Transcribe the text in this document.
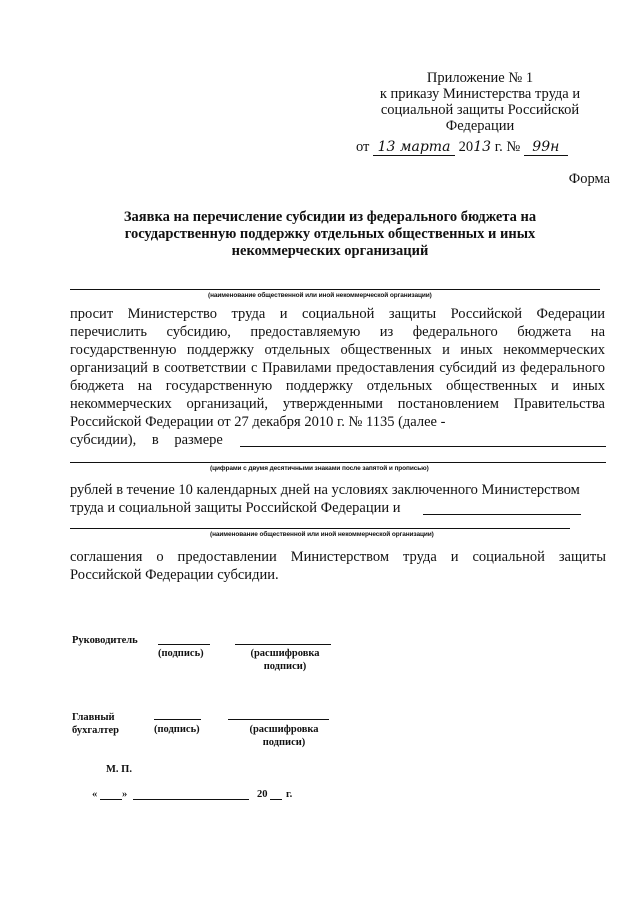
Приложение № 1
к приказу Министерства труда и
социальной защиты Российской
Федерации
от 13 марта 2013 г. № 99н
Форма
Заявка на перечисление субсидии из федерального бюджета на государственную поддержку отдельных общественных и иных некоммерческих организаций
(наименование общественной или иной некоммерческой организации)
просит Министерство труда и социальной защиты Российской Федерации перечислить субсидию, предоставляемую из федерального бюджета на государственную поддержку отдельных общественных и иных некоммерческих организаций в соответствии с Правилами предоставления субсидий из федерального бюджета на государственную поддержку отдельных общественных и иных некоммерческих организаций, утвержденными постановлением Правительства Российской Федерации от 27 декабря 2010 г. № 1135 (далее -
субсидии), в размере
(цифрами с двумя десятичными знаками после запятой и прописью)
рублей в течение 10 календарных дней на условиях заключенного Министерством
труда и социальной защиты Российской Федерации и
(наименование общественной или иной некоммерческой организации)
соглашения о предоставлении Министерством труда и социальной защиты Российской Федерации субсидии.
Руководитель
(подпись)	(расшифровка
подписи)
Главный
бухгалтер	(подпись)	(расшифровка
подписи)
М. П.
« »	20 г.
